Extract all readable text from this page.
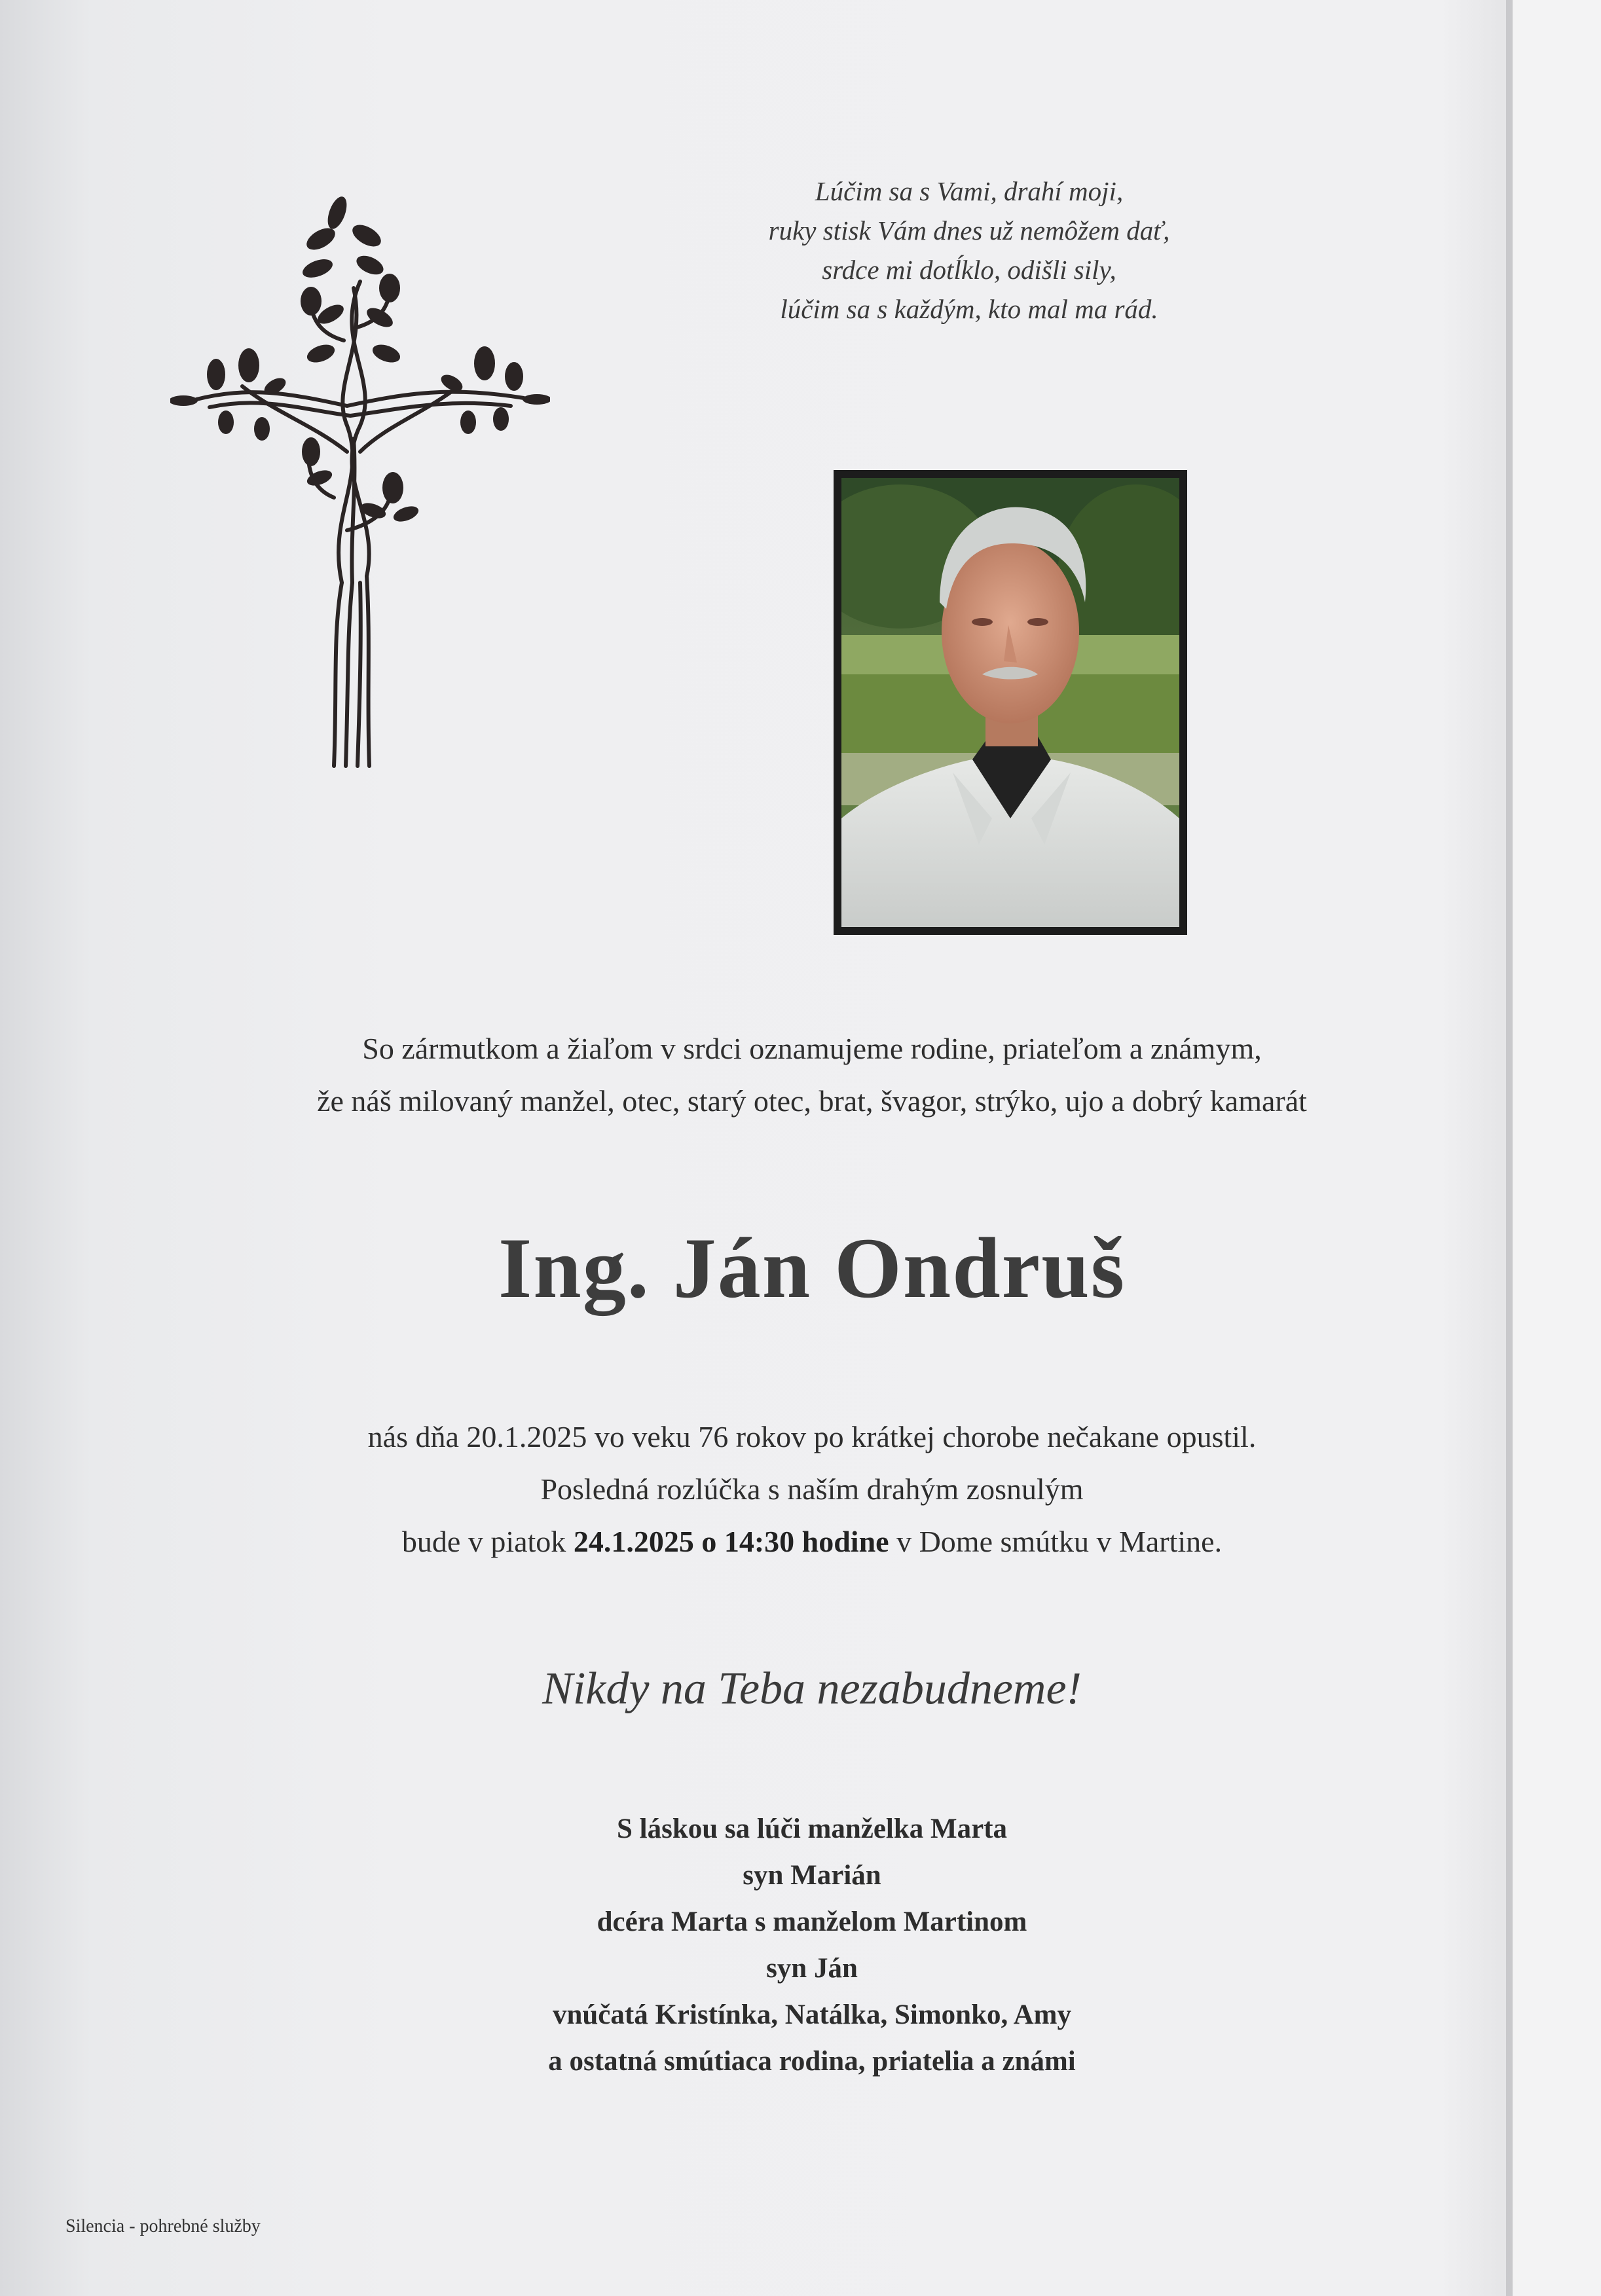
Lúčim sa s Vami, drahí moji,
ruky stisk Vám dnes už nemôžem dať,
srdce mi dotĺklo, odišli sily,
lúčim sa s každým, kto mal ma rád.
So zármutkom a žiaľom v srdci oznamujeme rodine, priateľom a známym,
že náš milovaný manžel, otec, starý otec, brat, švagor, strýko, ujo a dobrý kamarát
Ing. Ján Ondruš
nás dňa 20.1.2025 vo veku 76 rokov po krátkej chorobe nečakane opustil.
Posledná rozlúčka s naším drahým zosnulým
bude v piatok 24.1.2025 o 14:30 hodine v Dome smútku v Martine.
Nikdy na Teba nezabudneme!
S láskou sa lúči manželka Marta
syn Marián
dcéra Marta s manželom Martinom
syn Ján
vnúčatá Kristínka, Natálka, Simonko, Amy
a ostatná smútiaca rodina, priatelia a známi
Silencia - pohrebné služby
